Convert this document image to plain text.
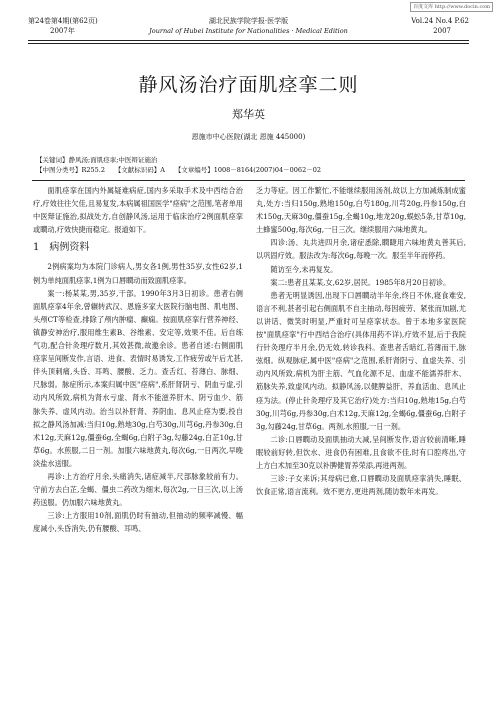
百度文库 http://www.docin.com
第24卷第4期(第62页)
2007年
湖北民族学院学报·医学版
Journal of Hubei Institute for Nationalities · Medical Edition
Vol.24 No.4 P.62
2007
静风汤治疗面肌痉挛二则
郑华英
恩施市中心医院(湖北 恩施 445000)
【关键词】静风汤;面肌痉挛;中医辩证施治
【中图分类号】R255.2　　【文献标识码】A　　【文章编号】1008－8164(2007)04－0062－02

面肌痉挛在国内外属疑难病症,国内多采取手术及中西结合治疗,疗效往往欠佳,且易复发,本病属祖国医学"痉病"之范围,笔者单用中医辩证施治,拟战处方,自创静风汤,运用于临床治疗2例面肌痉挛或瞤动,疗效快捷而稳定。报道如下。

1　病例资料

2例病案均为本院门诊病人,男女各1例,男性35岁,女性62岁,1例为单纯面肌痉挛,1例为口唇瞤动而致面肌痉挛。

案一:杨某某,男,35岁,干部。1990年3月3日初诊。患者右侧面肌痉挛4年余,曾辗转武汉、恩施多家大医院行脑电图、肌电图、头颅CT等检查,排除了颅内肿瘤、癫痫。按面肌痉挛行营养神经、镇静安神治疗,服用维生素B、谷维素、安定等,效果不佳。后自练气功,配合针灸理疗数月,其效甚微,故邀余诊。患者自述:右侧面肌痉挛呈间断发作,言语、进食、表情时易诱发,工作疲劳或午后尤甚,伴头顶刺痛,头昏、耳鸣、腰酸、乏力。查舌红、苔薄白、脉细、尺脉弱。脉症所示,本案归属中医"痉病",系肝肾阴亏、阴血亏虚,引动内风所致,病机为肾水亏虚、肾水不能滋养肝木、阴亏血少、筋脉失养、虚风内动。治当以补肝肾、养阴血、息风止痉为要,投自拟之静风汤加减:当归10g,熟地30g,白芍30g,川芎6g,丹参30g,白术12g,天麻12g,僵蚕6g,全蝎6g,白附子3g,勾藤24g,白芷10g,甘草6g。水煎服,二日一剂。加服六味地黄丸,每次6g,一日两次,早晚淡盐水送服。

再诊:上方治疗月余,头痛消失,诸症减半,尺部脉象较前有力。守前方去白芷,全蝎、僵虫二药改为细末,每次2g,一日三次,以上汤药送服。仍加服六味地黄丸。

三诊:上方服用10剂,面肌仍时有抽动,但抽动的频率减慢、幅度减小,头昏消失,仍有腰酸、耳鸣、

乏力等症。因工作繁忙,不能继续服用汤剂,故以上方加减炼制成蜜丸,处方:当归150g,熟地150g,白芍180g,川芎20g,丹参150g,白术150g,天麻30g,僵蚕15g,全蝎10g,地龙20g,蜈蚣5条,甘草10g,土蜂蜜500g,每次6g,一日三次。继续服用六味地黄丸。

四诊:汤、丸共进四月余,诸症悉除,瞤睫用六味地黄丸善其后,以巩固疗效。服法改为:每次6g,每晚一次。服至半年而停药。

随访至今,未再复发。

案二:患者且某某,女,62岁,居民。1985年8月20日初诊。

患者无明显诱因,出现下口唇瞤动半年余,终日不休,寝食难安,语言不利,甚者引起右侧面肌不自主抽动,每因疲劳、紧张而加剧,尤以讲话、微笑时明显,严重时可呈痉挛状态。曾于本地多家医院按"面肌痉挛"行中西结合治疗(具体用药不详),疗效不显,后于我院行针灸理疗半月余,仍无效,转诊我科。查患者舌暗红,苔薄而干,脉弦细。纵观脉症,属中医"痉病"之范围,系肝肾阴亏、血虚失养、引动内风所致,病机为肝主筋、气血化源不足、血虚不能濡养肝木、筋脉失养,致虚风内动。拟静风汤,以健脾益肝、养血活血、息风止痉为法。(停止针灸理疗及其它治疗)处方:当归10g,熟地15g,白芍30g,川芎6g,丹参30g,白术12g,天麻12g,全蝎6g,僵蚕6g,白附子3g,勾藤24g,甘草6g。两剂,水煎服,一日一剂。

二诊:口唇瞤动及面肌抽动大减,呈间断发作,语言较前清晰,睡眠较前好转,但饮水、进食仍有困难,且食欲不佳,时有口腔疼出,守上方白术加至30克以补脾健胃养荣添,再进两剂。

三诊:子女来诉;其母病已愈,口唇瞤动及面肌痉挛消失,睡眠、饮食正常,语言流利。效不更方,更进两剂,随访数年未再发。
